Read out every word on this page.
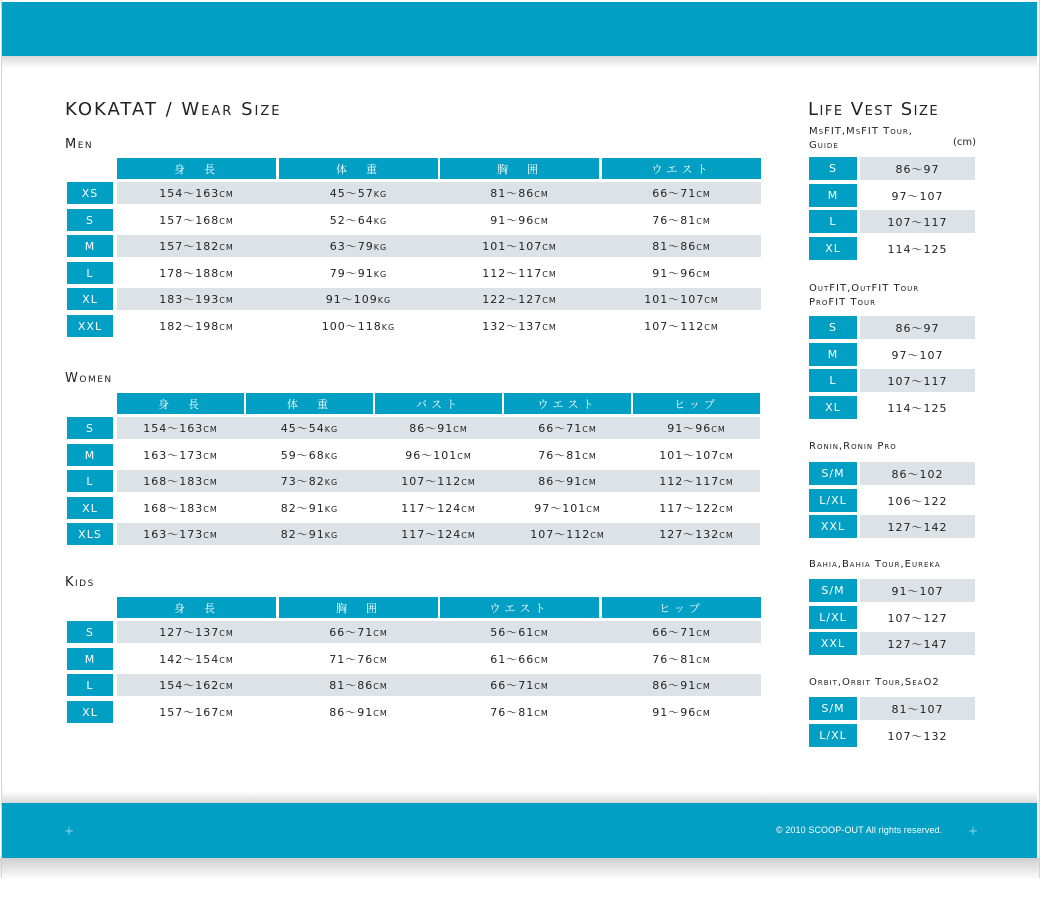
+	+
© 2010 SCOOP-OUT All rights reserved.
KOKATAT / Wear Size	Life Vest Size
(cm)
Men
Women
Kids
身　長	体　重	胸　囲	ウエスト
XS	154〜163cm	45〜57kg	81〜86cm	66〜71cm
S	157〜168cm	52〜64kg	91〜96cm	76〜81cm
M	157〜182cm	63〜79kg	101〜107cm	81〜86cm
L	178〜188cm	79〜91kg	112〜117cm	91〜96cm
XL	183〜193cm	91〜109kg	122〜127cm	101〜107cm
XXL	182〜198cm	100〜118kg	132〜137cm	107〜112cm
身　長	体　重	バスト	ウエスト	ヒップ
S	154〜163cm	45〜54kg	86〜91cm	66〜71cm	91〜96cm
M	163〜173cm	59〜68kg	96〜101cm	76〜81cm	101〜107cm
L	168〜183cm	73〜82kg	107〜112cm	86〜91cm	112〜117cm
XL	168〜183cm	82〜91kg	117〜124cm	97〜101cm	117〜122cm
XLS	163〜173cm	82〜91kg	117〜124cm	107〜112cm	127〜132cm
身　長	胸　囲	ウエスト	ヒップ
S	127〜137cm	66〜71cm	56〜61cm	66〜71cm
M	142〜154cm	71〜76cm	61〜66cm	76〜81cm
L	154〜162cm	81〜86cm	66〜71cm	86〜91cm
XL	157〜167cm	86〜91cm	76〜81cm	91〜96cm
MsFIT,MsFIT Tour,
Guide
S	86〜97
M	97〜107
L	107〜117
XL	114〜125
OutFIT,OutFIT Tour
ProFIT Tour
S	86〜97
M	97〜107
L	107〜117
XL	114〜125
Ronin,Ronin Pro
S/M	86〜102
L/XL	106〜122
XXL	127〜142
Bahia,Bahia Tour,Eureka
S/M	91〜107
L/XL	107〜127
XXL	127〜147
Orbit,Orbit Tour,SeaO2
S/M	81〜107
L/XL	107〜132
